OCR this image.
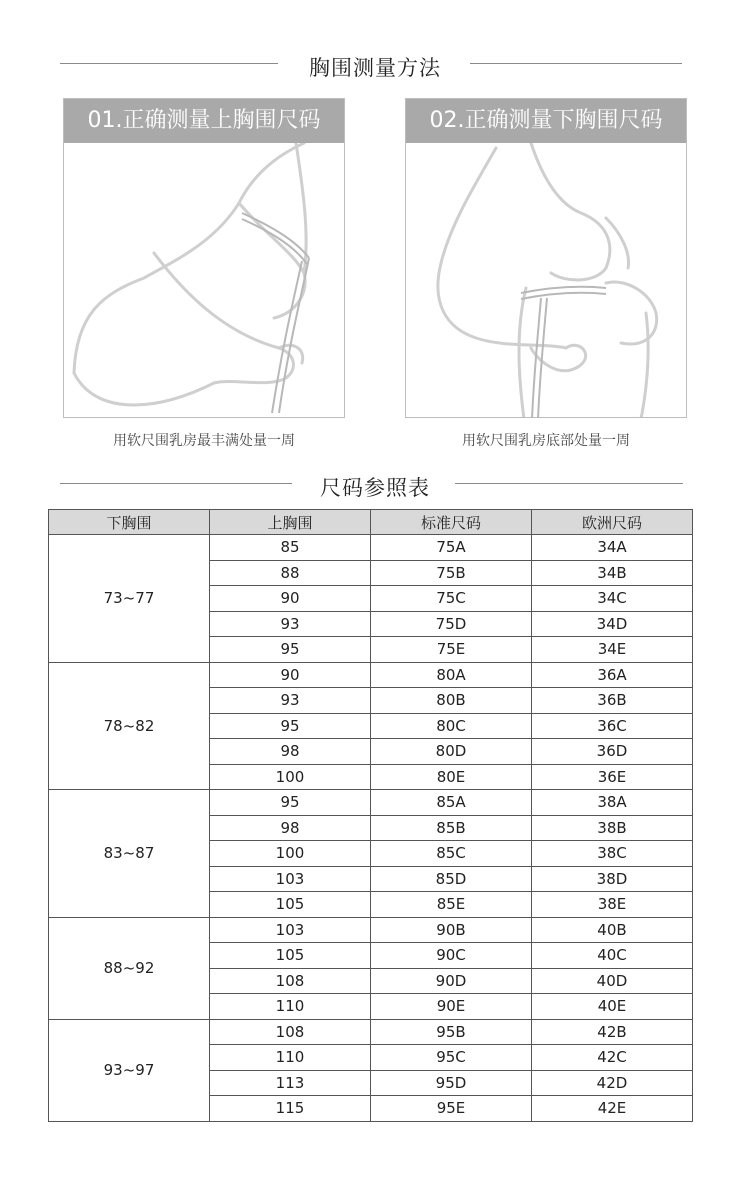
胸围测量方法
01.正确测量上胸围尺码
用软尺围乳房最丰满处量一周
02.正确测量下胸围尺码
用软尺围乳房底部处量一周
尺码参照表
下胸围	上胸围	标准尺码	欧洲尺码
73~77	85	75A	34A
	88	75B	34B
	90	75C	34C
	93	75D	34D
	95	75E	34E
78~82	90	80A	36A
	93	80B	36B
	95	80C	36C
	98	80D	36D
	100	80E	36E
83~87	95	85A	38A
	98	85B	38B
	100	85C	38C
	103	85D	38D
	105	85E	38E
88~92	103	90B	40B
	105	90C	40C
	108	90D	40D
	110	90E	40E
93~97	108	95B	42B
	110	95C	42C
	113	95D	42D
	115	95E	42E
